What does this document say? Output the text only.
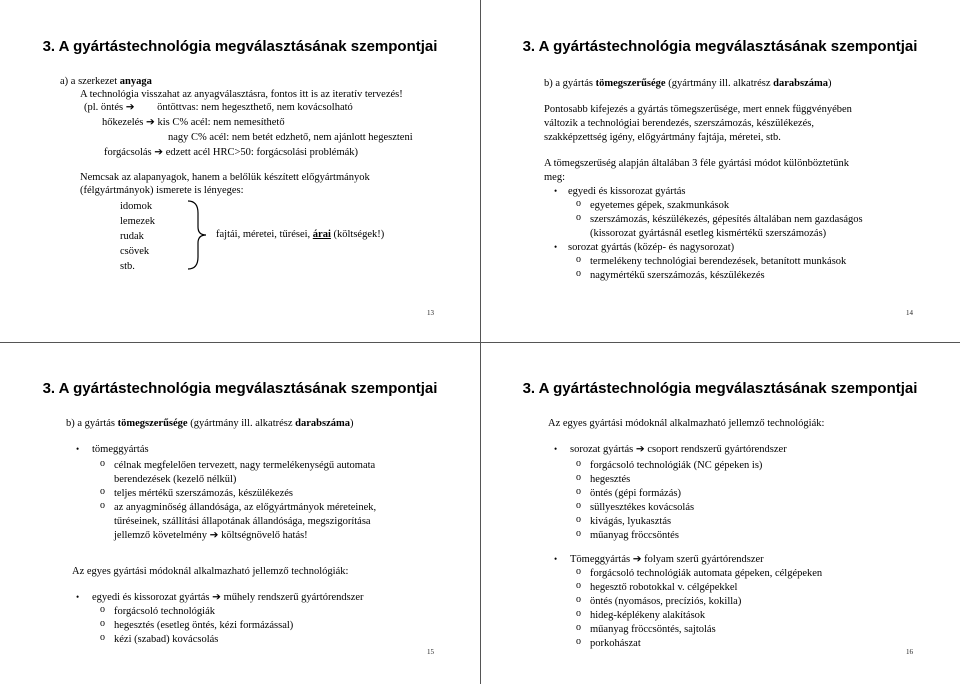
3. A gyártástechnológia megválasztásának szempontjai
a) a szerkezet anyaga
A technológia visszahat az anyagválasztásra, fontos itt is az iteratív tervezés!
(pl. öntés ➔ öntöttvas: nem hegeszthető, nem kovácsolható
hőkezelés ➔ kis C% acél: nem nemesíthető
nagy C% acél: nem betét edzhető, nem ajánlott hegeszteni
forgácsolás ➔ edzett acél HRC>50: forgácsolási problémák)
Nemcsak az alapanyagok, hanem a belőlük készített előgyártmányok
(félgyártmányok) ismerete is lényeges:
idomok
lemezek
rudak
csövek
stb.
fajtái, méretei, tűrései, árai (költségek!)
13
3. A gyártástechnológia megválasztásának szempontjai
b) a gyártás tömegszerűsége (gyártmány ill. alkatrész darabszáma)
Pontosabb kifejezés a gyártás tömegszerűsége, mert ennek függvényében
változik a technológiai berendezés, szerszámozás, készülékezés,
szakképzettség igény, előgyártmány fajtája, méretei, stb.
A tömegszerűség alapján általában 3 féle gyártási módot különböztetünk
meg:
• egyedi és kissorozat gyártás
o egyetemes gépek, szakmunkások
o szerszámozás, készülékezés, gépesítés általában nem gazdaságos
(kissorozat gyártásnál esetleg kismértékű szerszámozás)
• sorozat gyártás (közép- és nagysorozat)
o termelékeny technológiai berendezések, betanított munkások
o nagymértékű szerszámozás, készülékezés
14
3. A gyártástechnológia megválasztásának szempontjai
b) a gyártás tömegszerűsége (gyártmány ill. alkatrész darabszáma)
• tömeggyártás
o célnak megfelelően tervezett, nagy termelékenységű automata
berendezések (kezelő nélkül)
o teljes mértékű szerszámozás, készülékezés
o az anyagminőség állandósága, az előgyártmányok méreteinek,
tűréseinek, szállítási állapotának állandósága, megszigorítása
jellemző követelmény ➔ költségnövelő hatás!
Az egyes gyártási módoknál alkalmazható jellemző technológiák:
• egyedi és kissorozat gyártás ➔ műhely rendszerű gyártórendszer
o forgácsoló technológiák
o hegesztés (esetleg öntés, kézi formázással)
o kézi (szabad) kovácsolás
15
3. A gyártástechnológia megválasztásának szempontjai
Az egyes gyártási módoknál alkalmazható jellemző technológiák:
• sorozat gyártás ➔ csoport rendszerű gyártórendszer
o forgácsoló technológiák (NC gépeken is)
o hegesztés
o öntés (gépi formázás)
o süllyesztékes kovácsolás
o kivágás, lyukasztás
o műanyag fröccsöntés
• Tömeggyártás ➔ folyam szerű gyártórendszer
o forgácsoló technológiák automata gépeken, célgépeken
o hegesztő robotokkal v. célgépekkel
o öntés (nyomásos, precíziós, kokilla)
o hideg-képlékeny alakítások
o műanyag fröccsöntés, sajtolás
o porkohászat
16
